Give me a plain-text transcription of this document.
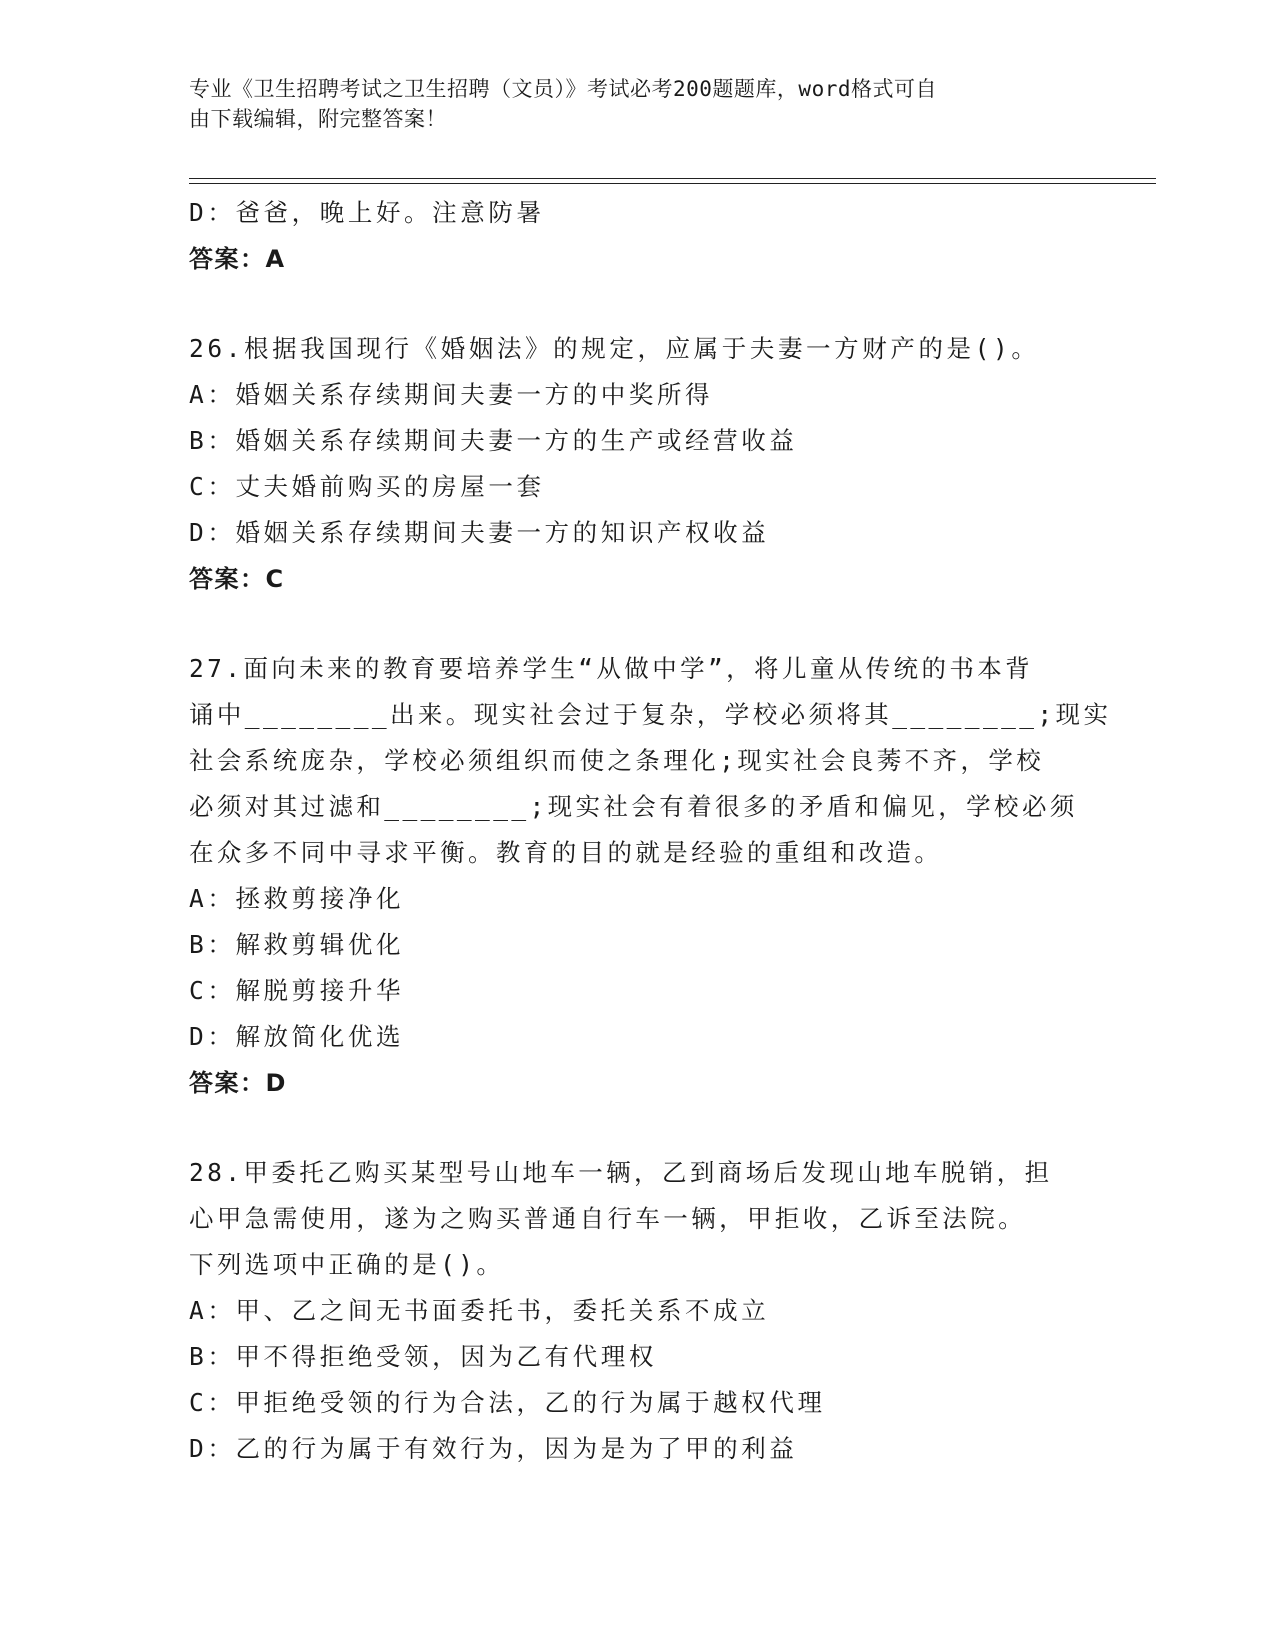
专业《卫生招聘考试之卫生招聘（文员）》考试必考200题题库，word格式可自
由下载编辑，附完整答案！
D：爸爸，晚上好。注意防暑
答案：A
26.根据我国现行《婚姻法》的规定，应属于夫妻一方财产的是()。
A：婚姻关系存续期间夫妻一方的中奖所得
B：婚姻关系存续期间夫妻一方的生产或经营收益
C：丈夫婚前购买的房屋一套
D：婚姻关系存续期间夫妻一方的知识产权收益
答案：C
27.面向未来的教育要培养学生“从做中学”，将儿童从传统的书本背
诵中________出来。现实社会过于复杂，学校必须将其________;现实
社会系统庞杂，学校必须组织而使之条理化;现实社会良莠不齐，学校
必须对其过滤和________;现实社会有着很多的矛盾和偏见，学校必须
在众多不同中寻求平衡。教育的目的就是经验的重组和改造。
A：拯救剪接净化
B：解救剪辑优化
C：解脱剪接升华
D：解放简化优选
答案：D
28.甲委托乙购买某型号山地车一辆，乙到商场后发现山地车脱销，担
心甲急需使用，遂为之购买普通自行车一辆，甲拒收，乙诉至法院。
下列选项中正确的是()。
A：甲、乙之间无书面委托书，委托关系不成立
B：甲不得拒绝受领，因为乙有代理权
C：甲拒绝受领的行为合法，乙的行为属于越权代理
D：乙的行为属于有效行为，因为是为了甲的利益
